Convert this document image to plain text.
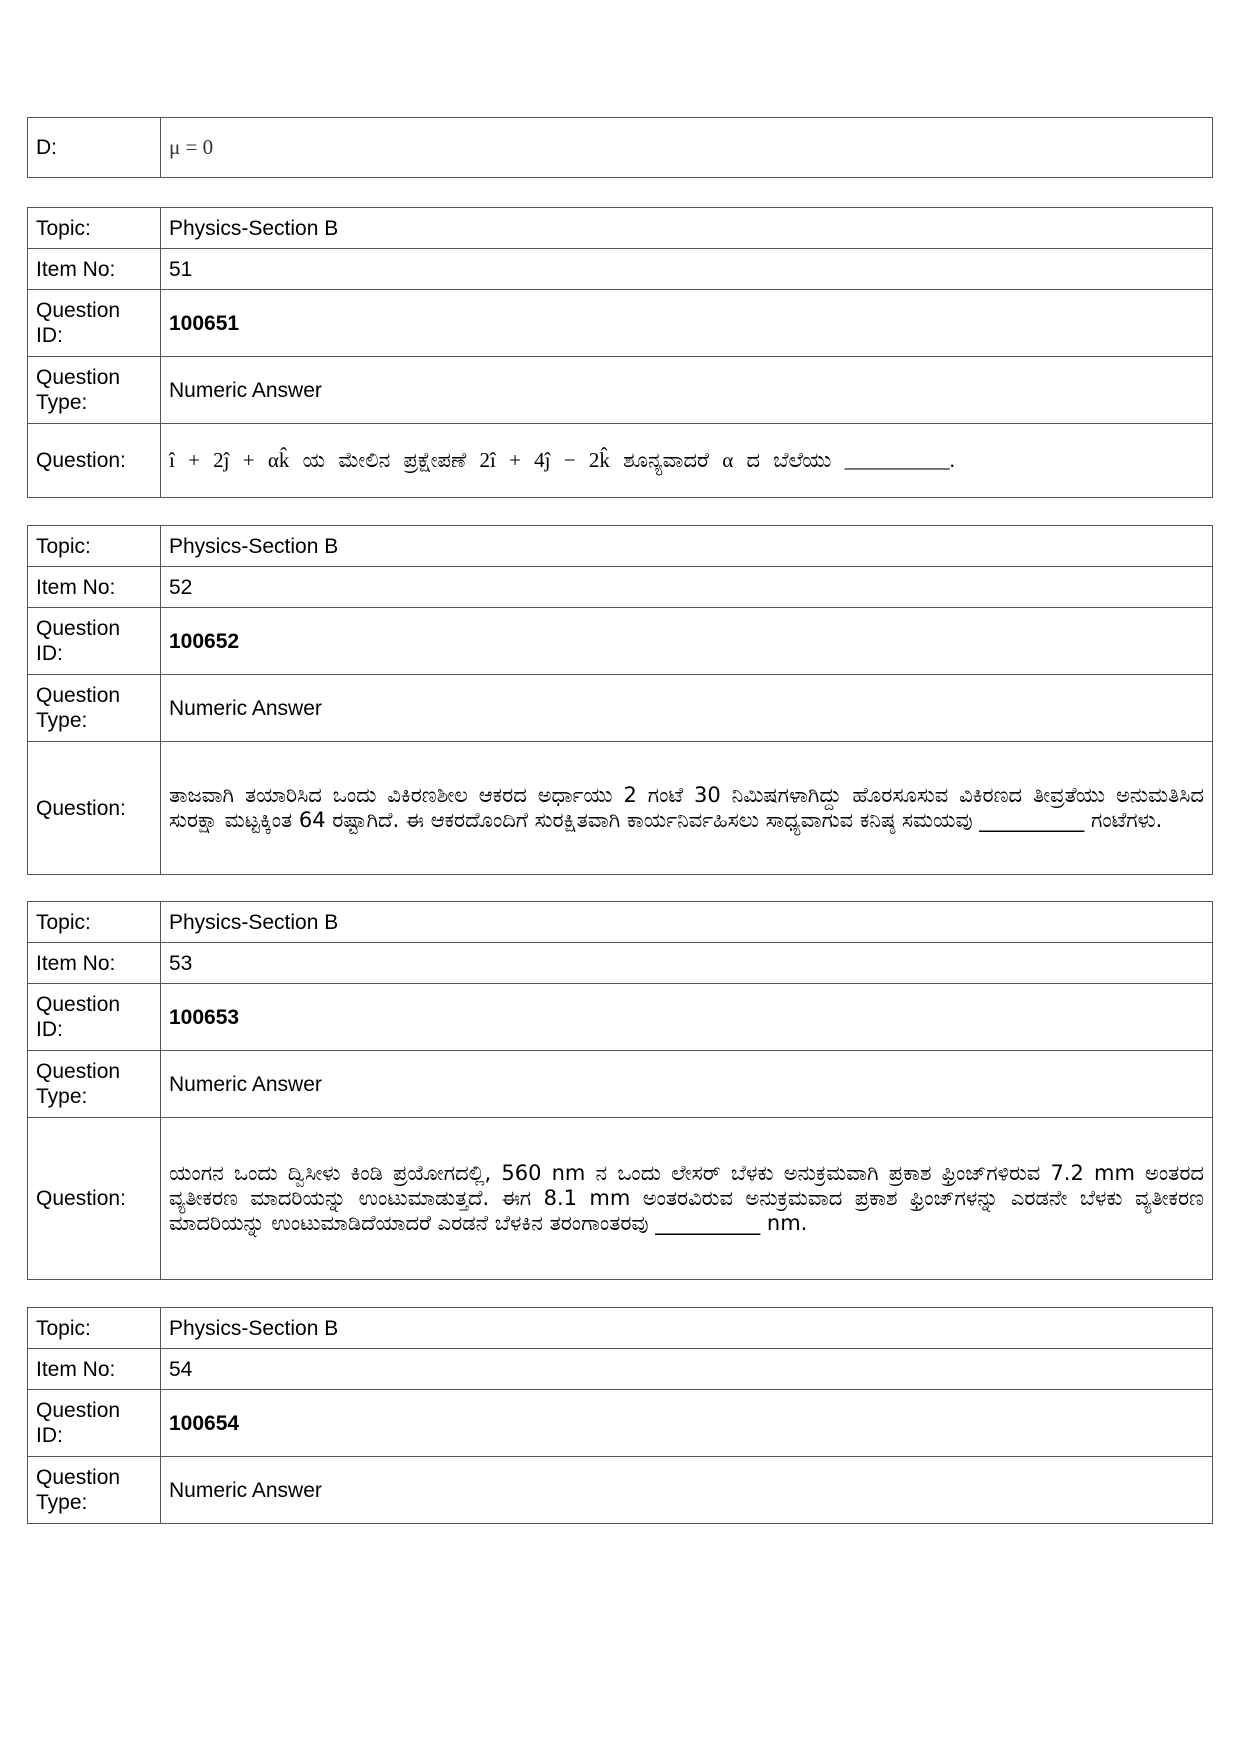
D:	μ = 0
Topic:	Physics-Section B
Item No:	51
Question ID:	100651
Question Type:	Numeric Answer
Question:	î + 2ĵ + αk̂ ಯ ಮೇಲಿನ ಪ್ರಕ್ಷೇಪಣೆ 2î + 4ĵ − 2k̂ ಶೂನ್ಯವಾದರೆ α ದ ಬೆಲೆಯು __________.
Topic:	Physics-Section B
Item No:	52
Question ID:	100652
Question Type:	Numeric Answer
Question:	ತಾಜವಾಗಿ ತಯಾರಿಸಿದ ಒಂದು ವಿಕಿರಣಶೀಲ ಆಕರದ ಅರ್ಧಾಯು 2 ಗಂಟೆ 30 ನಿಮಿಷಗಳಾಗಿದ್ದು ಹೊರಸೂಸುವ ವಿಕಿರಣದ ತೀವ್ರತೆಯು ಅನುಮತಿಸಿದ ಸುರಕ್ಷಾ ಮಟ್ಟಕ್ಕಿಂತ 64 ರಷ್ಟಾಗಿದೆ. ಈ ಆಕರದೊಂದಿಗೆ ಸುರಕ್ಷಿತವಾಗಿ ಕಾರ್ಯನಿರ್ವಹಿಸಲು ಸಾಧ್ಯವಾಗುವ ಕನಿಷ್ಠ ಸಮಯವು __________ ಗಂಟೆಗಳು.
Topic:	Physics-Section B
Item No:	53
Question ID:	100653
Question Type:	Numeric Answer
Question:	ಯಂಗನ ಒಂದು ದ್ವಿಸೀಳು ಕಿಂಡಿ ಪ್ರಯೋಗದಲ್ಲಿ, 560 nm ನ ಒಂದು ಲೇಸರ್ ಬೆಳಕು ಅನುಕ್ರಮವಾಗಿ ಪ್ರಕಾಶ ಫ್ರಿಂಜ್‌ಗಳಿರುವ 7.2 mm ಅಂತರದ ವ್ಯತೀಕರಣ ಮಾದರಿಯನ್ನು ಉಂಟುಮಾಡುತ್ತದೆ. ಈಗ 8.1 mm ಅಂತರವಿರುವ ಅನುಕ್ರಮವಾದ ಪ್ರಕಾಶ ಫ್ರಿಂಜ್‌ಗಳನ್ನು ಎರಡನೇ ಬೆಳಕು ವ್ಯತೀಕರಣ ಮಾದರಿಯನ್ನು ಉಂಟುಮಾಡಿದೆಯಾದರೆ ಎರಡನೆ ಬೆಳಕಿನ ತರಂಗಾಂತರವು __________ nm.
Topic:	Physics-Section B
Item No:	54
Question ID:	100654
Question Type:	Numeric Answer
